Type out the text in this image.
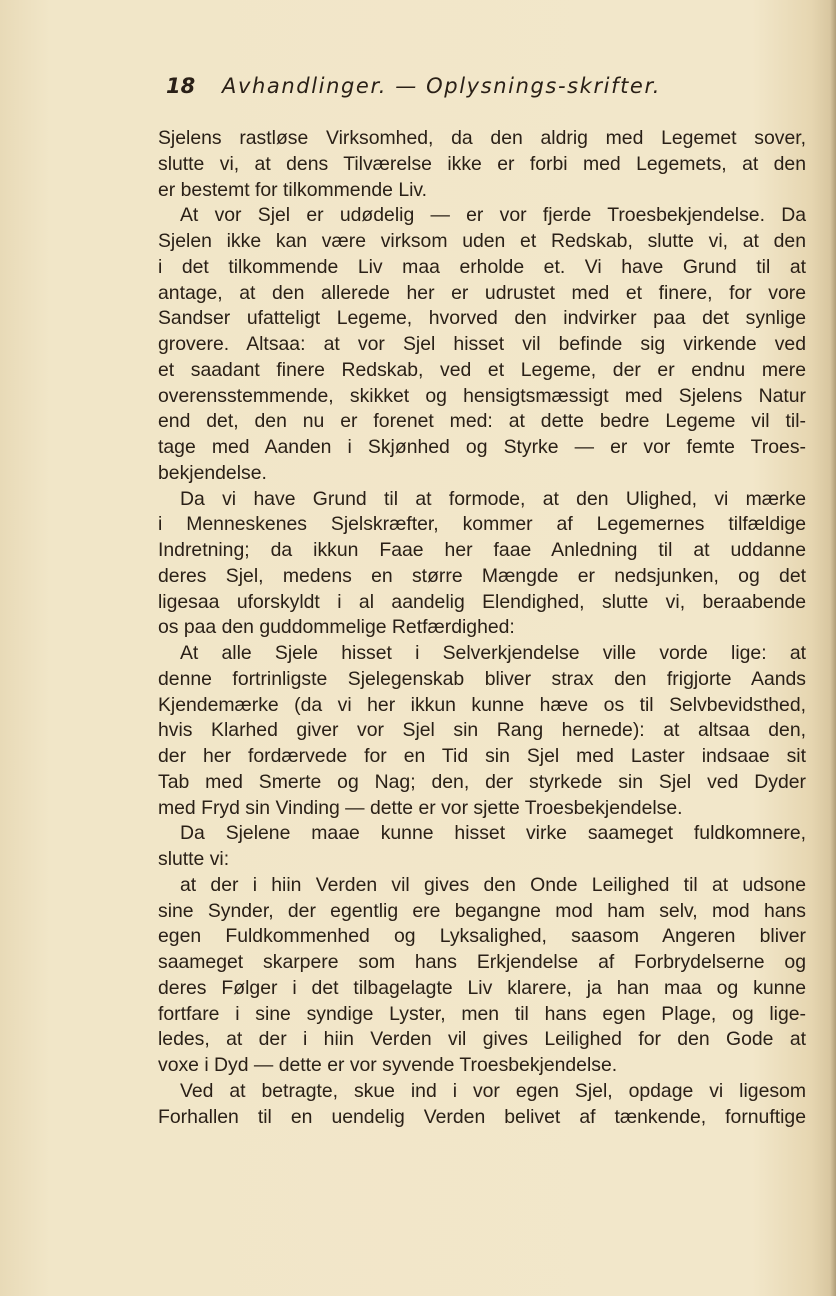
18	Avhandlinger. — Oplysnings-skrifter.
Sjelens rastløse Virksomhed, da den aldrig med Legemet sover,
slutte vi, at dens Tilværelse ikke er forbi med Legemets, at den
er bestemt for tilkommende Liv.
At vor Sjel er udødelig — er vor fjerde Troesbekjendelse. Da
Sjelen ikke kan være virksom uden et Redskab, slutte vi, at den
i det tilkommende Liv maa erholde et. Vi have Grund til at
antage, at den allerede her er udrustet med et finere, for vore
Sandser ufatteligt Legeme, hvorved den indvirker paa det synlige
grovere. Altsaa: at vor Sjel hisset vil befinde sig virkende ved
et saadant finere Redskab, ved et Legeme, der er endnu mere
overensstemmende, skikket og hensigtsmæssigt med Sjelens Natur
end det, den nu er forenet med: at dette bedre Legeme vil til-
tage med Aanden i Skjønhed og Styrke — er vor femte Troes-
bekjendelse.
Da vi have Grund til at formode, at den Ulighed, vi mærke
i Menneskenes Sjelskræfter, kommer af Legemernes tilfældige
Indretning; da ikkun Faae her faae Anledning til at uddanne
deres Sjel, medens en større Mængde er nedsjunken, og det
ligesaa uforskyldt i al aandelig Elendighed, slutte vi, beraabende
os paa den guddommelige Retfærdighed:
At alle Sjele hisset i Selverkjendelse ville vorde lige: at
denne fortrinligste Sjelegenskab bliver strax den frigjorte Aands
Kjendemærke (da vi her ikkun kunne hæve os til Selvbevidsthed,
hvis Klarhed giver vor Sjel sin Rang hernede): at altsaa den,
der her fordærvede for en Tid sin Sjel med Laster indsaae sit
Tab med Smerte og Nag; den, der styrkede sin Sjel ved Dyder
med Fryd sin Vinding — dette er vor sjette Troesbekjendelse.
Da Sjelene maae kunne hisset virke saameget fuldkomnere,
slutte vi:
at der i hiin Verden vil gives den Onde Leilighed til at udsone
sine Synder, der egentlig ere begangne mod ham selv, mod hans
egen Fuldkommenhed og Lyksalighed, saasom Angeren bliver
saameget skarpere som hans Erkjendelse af Forbrydelserne og
deres Følger i det tilbagelagte Liv klarere, ja han maa og kunne
fortfare i sine syndige Lyster, men til hans egen Plage, og lige-
ledes, at der i hiin Verden vil gives Leilighed for den Gode at
voxe i Dyd — dette er vor syvende Troesbekjendelse.
Ved at betragte, skue ind i vor egen Sjel, opdage vi ligesom
Forhallen til en uendelig Verden belivet af tænkende, fornuftige
